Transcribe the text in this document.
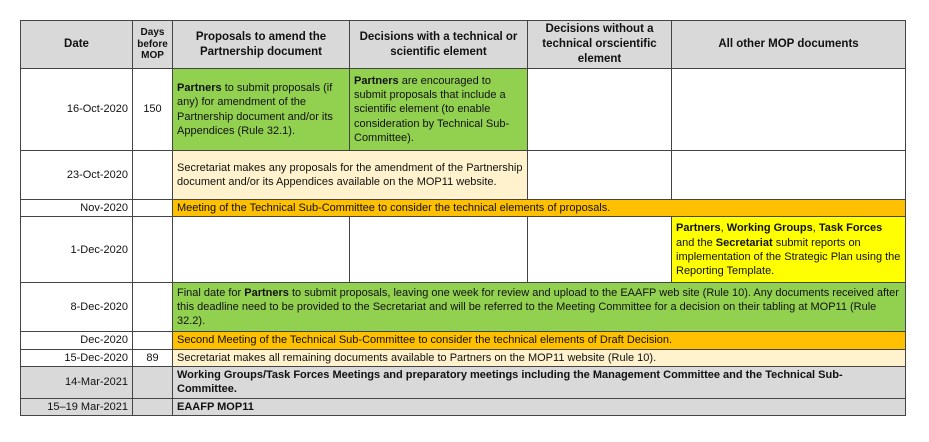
Date	Days before MOP	Proposals to amend the Partnership document	Decisions with a technical or scientific element	Decisions without a technical orscientific element	All other MOP documents
16-Oct-2020	150	Partners to submit proposals (if any) for amendment of the Partnership document and/or its Appendices (Rule 32.1).	Partners are encouraged to submit proposals that include a scientific element (to enable consideration by Technical Sub-Committee).		
23-Oct-2020		Secretariat makes any proposals for the amendment of the Partnership document and/or its Appendices available on the MOP11 website.			
Nov-2020		Meeting of the Technical Sub-Committee to consider the technical elements of proposals.			
1-Dec-2020					Partners, Working Groups, Task Forces and the Secretariat submit reports on implementation of the Strategic Plan using the Reporting Template.
8-Dec-2020		Final date for Partners to submit proposals, leaving one week for review and upload to the EAAFP web site (Rule 10). Any documents received after this deadline need to be provided to the Secretariat and will be referred to the Meeting Committee for a decision on their tabling at MOP11 (Rule 32.2).			
Dec-2020		Second Meeting of the Technical Sub-Committee to consider the technical elements of Draft Decision.			
15-Dec-2020	89	Secretariat makes all remaining documents available to Partners on the MOP11 website (Rule 10).			
14-Mar-2021		Working Groups/Task Forces Meetings and preparatory meetings including the Management Committee and the Technical Sub-Committee.			
15–19 Mar-2021		EAAFP MOP11			
